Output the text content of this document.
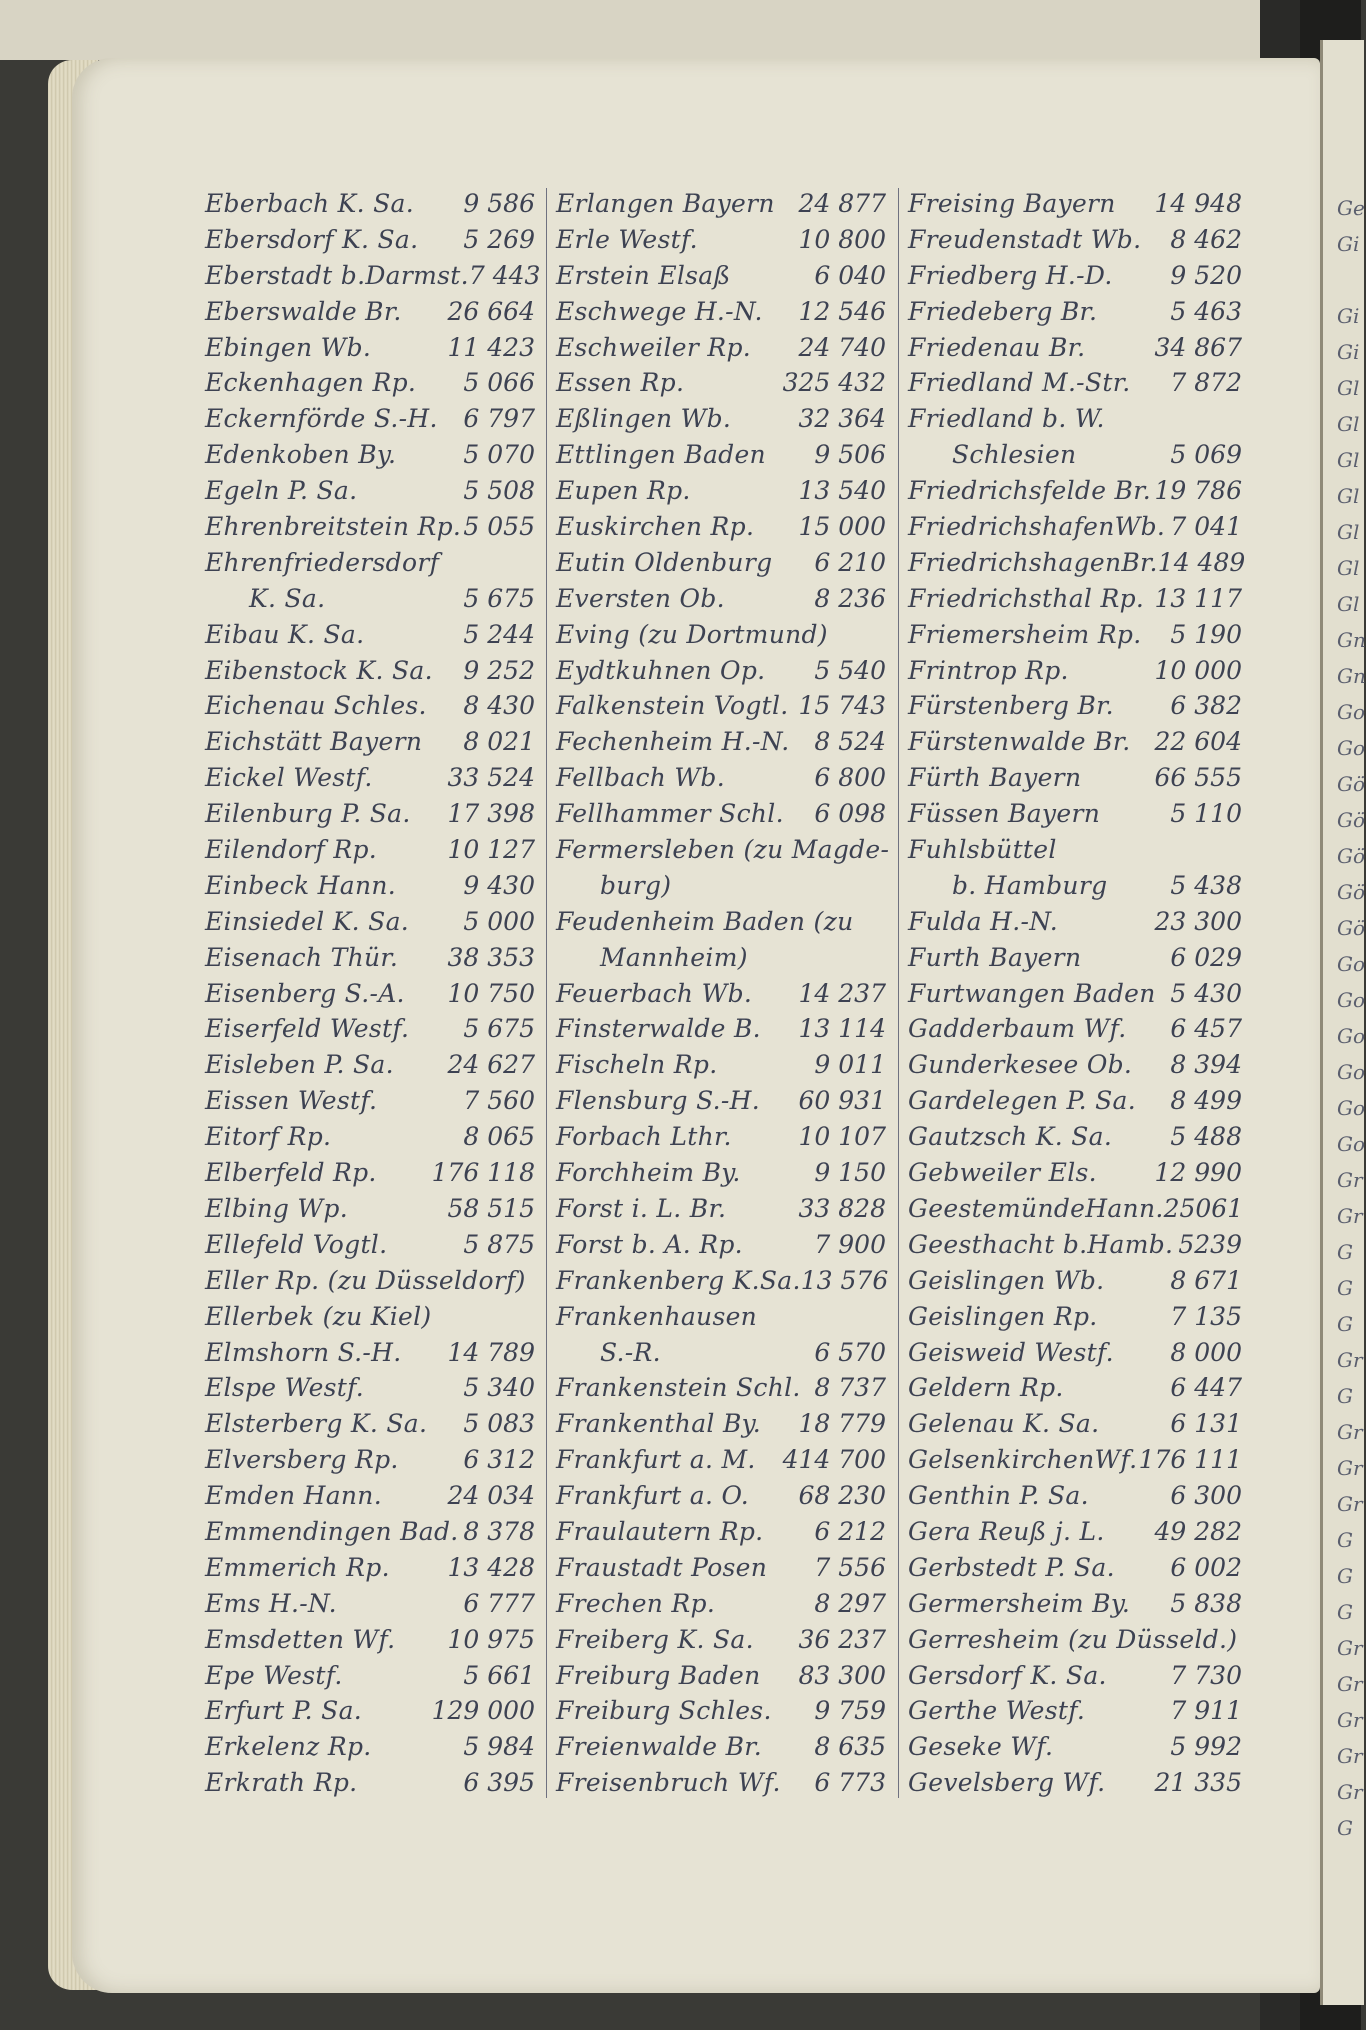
Ge
Gi
Gi
Gi
Gl
Gl
Gl
Gl
Gl
Gl
Gl
Gn
Gn
Go
Go
Gö
Gö
Gö
Gö
Gö
Go
Go
Go
Go
Go
Go
Gr
Gr
G
G
G
Gr
G
Gr
Gr
Gr
G
G
G
Gr
Gr
Gr
Gr
Gr
G
Eberbach K. Sa. 9 586
Ebersdorf K. Sa. 5 269
Eberstadt b.Darmst. 7 443
Eberswalde Br. 26 664
Ebingen Wb.	11 423
Eckenhagen Rp. 5 066
Eckernförde S.-H. 6 797
Edenkoben By.	5 070
Egeln P. Sa.	5 508
Ehrenbreitstein Rp. 5 055
Ehrenfriedersdorf
K. Sa.	5 675
Eibau K. Sa.	5 244
Eibenstock K. Sa. 9 252
Eichenau Schles. 8 430
Eichstätt Bayern 8 021
Eickel Westf.	33 524
Eilenburg P. Sa. 17 398
Eilendorf Rp.	10 127
Einbeck Hann.	9 430
Einsiedel K. Sa. 5 000
Eisenach Thür. 38 353
Eisenberg S.-A. 10 750
Eiserfeld Westf. 5 675
Eisleben P. Sa. 24 627
Eissen Westf.	7 560
Eitorf Rp.	8 065
Elberfeld Rp. 176 118
Elbing Wp.	58 515
Ellefeld Vogtl.	5 875
Eller Rp. (zu Düsseldorf)
Ellerbek (zu Kiel)
Elmshorn S.-H. 14 789
Elspe Westf.	5 340
Elsterberg K. Sa. 5 083
Elversberg Rp.	6 312
Emden Hann.	24 034
Emmendingen Bad. 8 378
Emmerich Rp. 13 428
Ems H.-N.	6 777
Emsdetten Wf. 10 975
Epe Westf.	5 661
Erfurt P. Sa.	129 000
Erkelenz Rp.	5 984
Erkrath Rp.	6 395
Erlangen Bayern 24 877
Erle Westf.	10 800
Erstein Elsaß	6 040
Eschwege H.-N. 12 546
Eschweiler Rp. 24 740
Essen Rp.	325 432
Eßlingen Wb.	32 364
Ettlingen Baden 9 506
Eupen Rp.	13 540
Euskirchen Rp. 15 000
Eutin Oldenburg 6 210
Eversten Ob.	8 236
Eving (zu Dortmund)
Eydtkuhnen Op. 5 540
Falkenstein Vogtl. 15 743
Fechenheim H.-N. 8 524
Fellbach Wb.	6 800
Fellhammer Schl. 6 098
Fermersleben (zu Magde-
burg)
Feudenheim Baden (zu
Mannheim)
Feuerbach Wb. 14 237
Finsterwalde B. 13 114
Fischeln Rp.	9 011
Flensburg S.-H. 60 931
Forbach Lthr.	10 107
Forchheim By.	9 150
Forst i. L. Br.	33 828
Forst b. A. Rp.	7 900
Frankenberg K.Sa. 13 576
Frankenhausen
S.-R.	6 570
Frankenstein Schl. 8 737
Frankenthal By. 18 779
Frankfurt a. M. 414 700
Frankfurt a. O. 68 230
Fraulautern Rp. 6 212
Fraustadt Posen 7 556
Frechen Rp.	8 297
Freiberg K. Sa. 36 237
Freiburg Baden 83 300
Freiburg Schles. 9 759
Freienwalde Br. 8 635
Freisenbruch Wf. 6 773
Freising Bayern 14 948
Freudenstadt Wb. 8 462
Friedberg H.-D. 9 520
Friedeberg Br.	5 463
Friedenau Br.	34 867
Friedland M.-Str. 7 872
Friedland b. W.
Schlesien	5 069
Friedrichsfelde Br. 19 786
FriedrichshafenWb. 7 041
FriedrichshagenBr. 14 489
Friedrichsthal Rp. 13 117
Friemersheim Rp. 5 190
Frintrop Rp.	10 000
Fürstenberg Br. 6 382
Fürstenwalde Br. 22 604
Fürth Bayern	66 555
Füssen Bayern	5 110
Fuhlsbüttel
b. Hamburg	5 438
Fulda H.-N.	23 300
Furth Bayern	6 029
Furtwangen Baden 5 430
Gadderbaum Wf. 6 457
Gunderkesee Ob. 8 394
Gardelegen P. Sa. 8 499
Gautzsch K. Sa. 5 488
Gebweiler Els. 12 990
GeestemündeHann. 25061
Geesthacht b.Hamb. 5239
Geislingen Wb.	8 671
Geislingen Rp.	7 135
Geisweid Westf. 8 000
Geldern Rp.	6 447
Gelenau K. Sa.	6 131
GelsenkirchenWf. 176 111
Genthin P. Sa.	6 300
Gera Reuß j. L. 49 282
Gerbstedt P. Sa. 6 002
Germersheim By. 5 838
Gerresheim (zu Düsseld.)
Gersdorf K. Sa.	7 730
Gerthe Westf.	7 911
Geseke Wf.	5 992
Gevelsberg Wf. 21 335
